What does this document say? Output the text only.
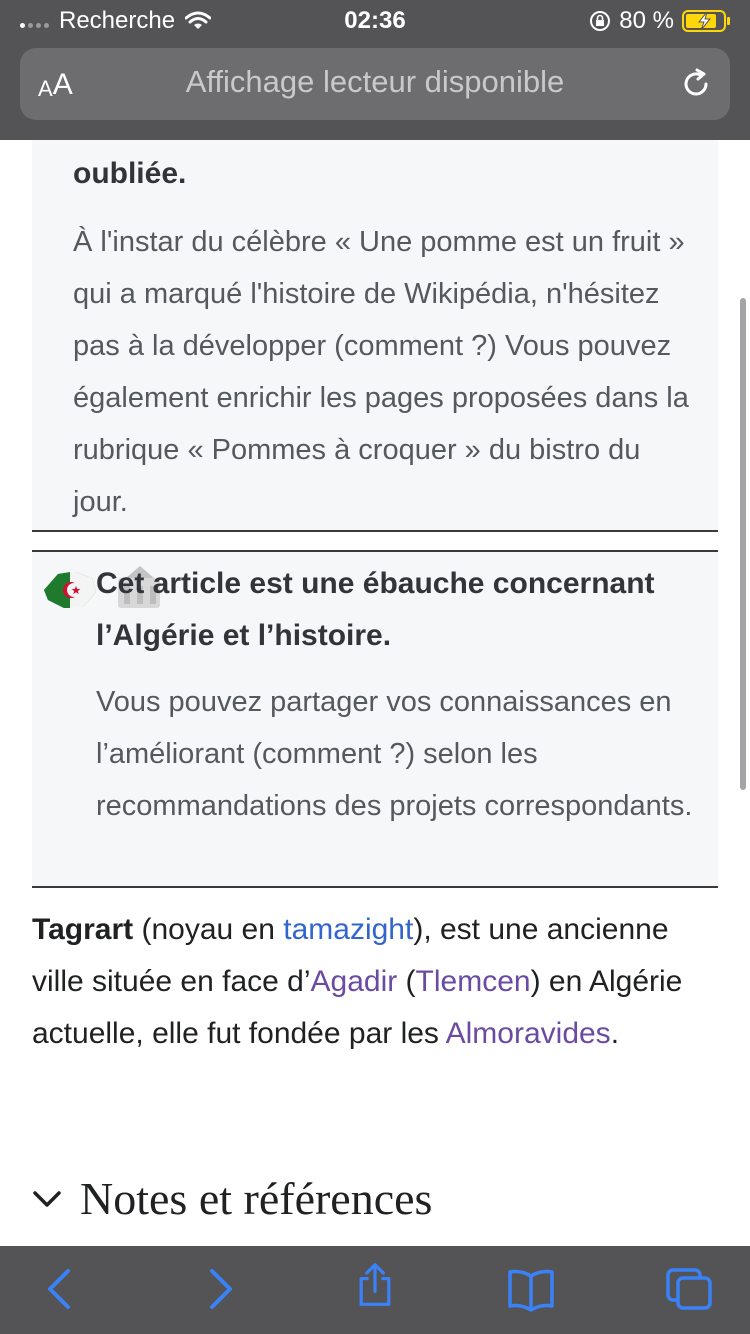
Recherche	02:36	80 %
A A	Affichage lecteur disponible
oubliée.
À l'instar du célèbre « Une pomme est un fruit » qui a marqué l'histoire de Wikipédia, n'hésitez pas à la développer (comment ?) Vous pouvez également enrichir les pages proposées dans la rubrique « Pommes à croquer » du bistro du jour.
Cet article est une ébauche concernant l’Algérie et l’histoire.
Vous pouvez partager vos connaissances en l’améliorant (comment ?) selon les recommandations des projets correspondants.

Tagrart (noyau en tamazight), est une ancienne ville située en face d’Agadir (Tlemcen) en Algérie actuelle, elle fut fondée par les Almoravides.

Notes et références
